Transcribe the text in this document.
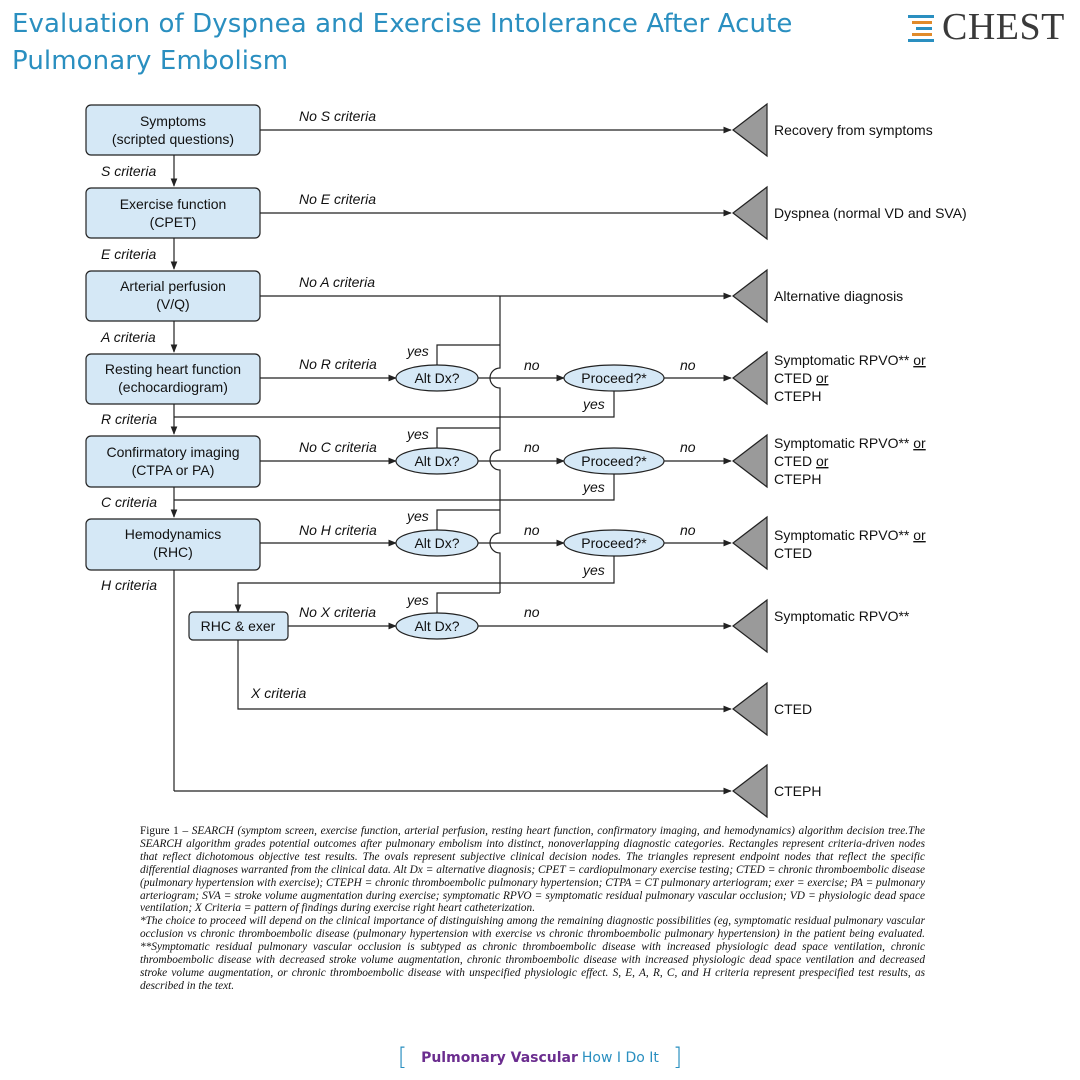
Evaluation of Dyspnea and Exercise Intolerance After Acute Pulmonary Embolism
CHEST
Symptoms
(scripted questions)
Exercise function
(CPET)
Arterial perfusion
(V/Q)
Resting heart function
(echocardiogram)
Confirmatory imaging
(CTPA or PA)
Hemodynamics
(RHC)
RHC & exer
Alt Dx?	Proceed?*
Alt Dx?	Proceed?*
Alt Dx?	Proceed?*
Alt Dx?
No S criteria
S criteria
No E criteria
E criteria
No A criteria
A criteria
No R criteria
R criteria
No C criteria
C criteria
No H criteria
H criteria
No X criteria
X criteria
yes
no	no
yes
yes
no	no
yes
yes
no	no
yes
yes
no
Recovery from symptoms
Dyspnea (normal VD and SVA)
Alternative diagnosis
Symptomatic RPVO** or
CTED or
CTEPH
Symptomatic RPVO** or
CTED or
CTEPH
Symptomatic RPVO** or
CTED
Symptomatic RPVO**
CTED
CTEPH

Figure 1 – SEARCH (symptom screen, exercise function, arterial perfusion, resting heart function, confirmatory imaging, and hemodynamics) algorithm decision tree.The SEARCH algorithm grades potential outcomes after pulmonary embolism into distinct, nonoverlapping diagnostic categories. Rectangles represent criteria-driven nodes that reflect dichotomous objective test results. The ovals represent subjective clinical decision nodes. The triangles represent endpoint nodes that reflect the specific differential diagnoses warranted from the clinical data. Alt Dx = alternative diagnosis; CPET = cardiopulmonary exercise testing; CTED = chronic thromboembolic disease (pulmonary hypertension with exercise); CTEPH = chronic thromboembolic pulmonary hypertension; CTPA = CT pulmonary arteriogram; exer = exercise; PA = pulmonary arteriogram; SVA = stroke volume augmentation during exercise; symptomatic RPVO = symptomatic residual pulmonary vascular occlusion; VD = physiologic dead space ventilation; X Criteria = pattern of findings during exercise right heart catheterization.

*The choice to proceed will depend on the clinical importance of distinguishing among the remaining diagnostic possibilities (eg, symptomatic residual pulmonary vascular occlusion vs chronic thromboembolic disease (pulmonary hypertension with exercise vs chronic thromboembolic pulmonary hypertension) in the patient being evaluated. **Symptomatic residual pulmonary vascular occlusion is subtyped as chronic thromboembolic disease with increased physiologic dead space ventilation, chronic thromboembolic disease with decreased stroke volume augmentation, chronic thromboembolic disease with increased physiologic dead space ventilation and decreased stroke volume augmentation, or chronic thromboembolic disease with unspecified physiologic effect. S, E, A, R, C, and H criteria represent prespecified test results, as described in the text.

[ Pulmonary Vascular How I Do It ]
